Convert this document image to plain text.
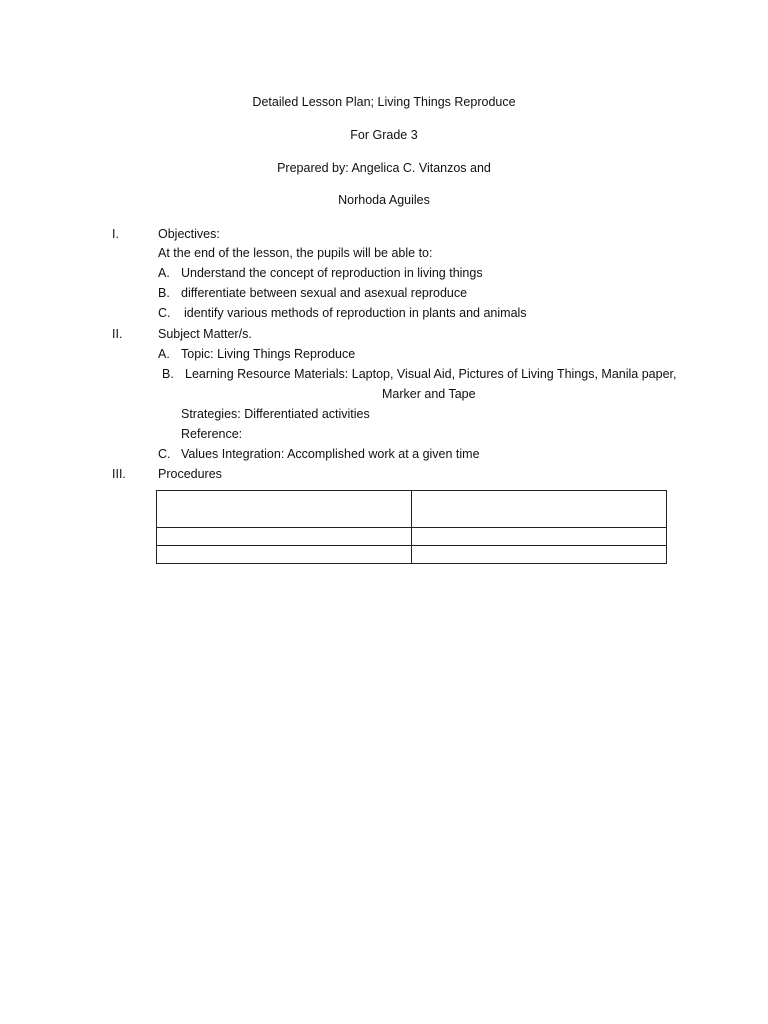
Detailed Lesson Plan; Living Things Reproduce
For Grade 3
Prepared by: Angelica C. Vitanzos and
Norhoda Aguiles
I.	Objectives:
At the end of the lesson, the pupils will be able to:
A. Understand the concept of reproduction in living things
B. differentiate between sexual and asexual reproduce
C. identify various methods of reproduction in plants and animals
II.	Subject Matter/s.
A. Topic: Living Things Reproduce
B. Learning Resource Materials: Laptop, Visual Aid, Pictures of Living Things, Manila paper,
Marker and Tape
Strategies: Differentiated activities
Reference:
C. Values Integration: Accomplished work at a given time
III.	Procedures
